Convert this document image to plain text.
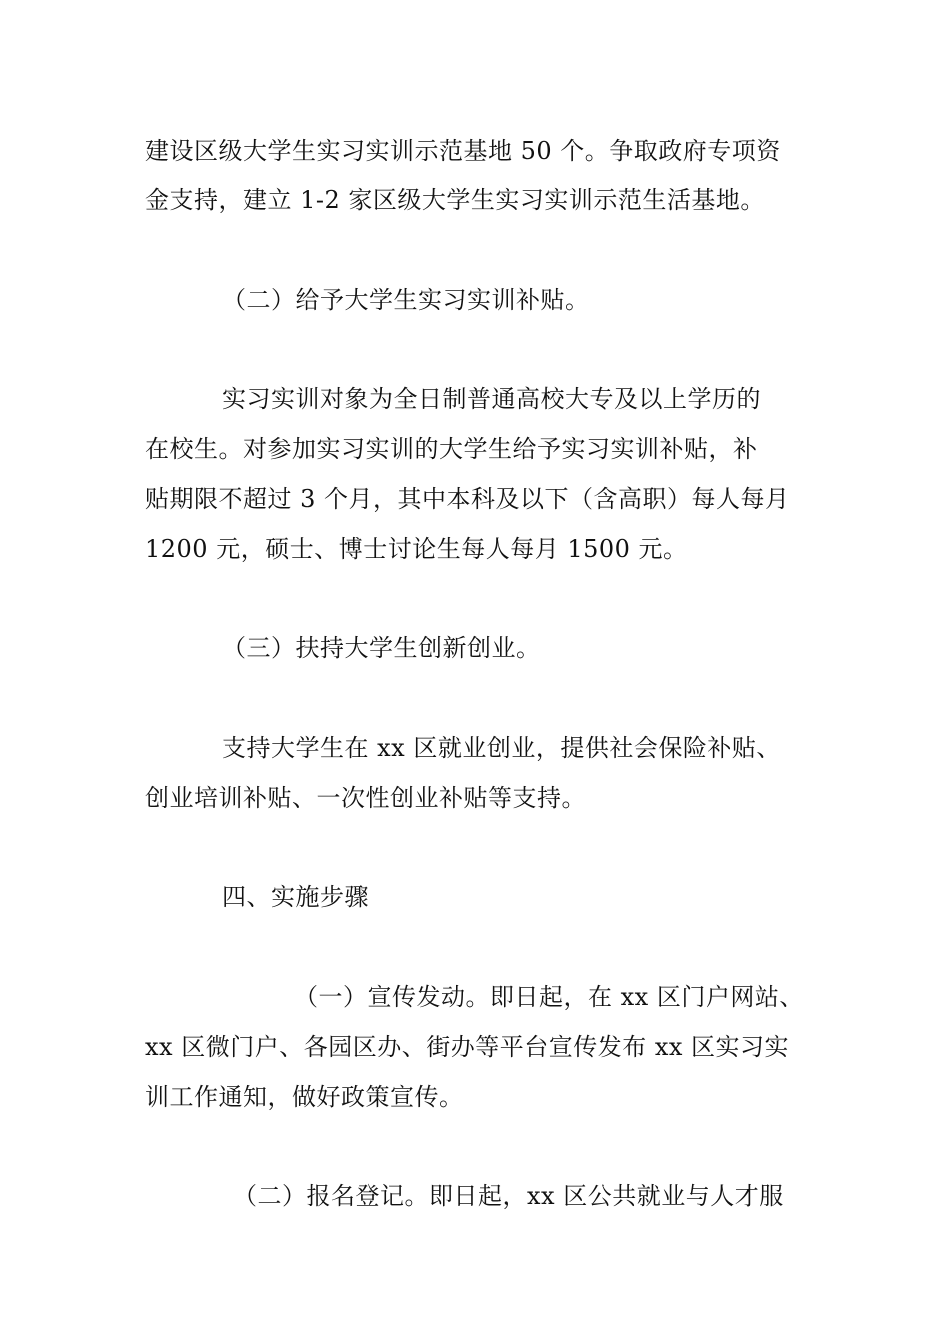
建设区级大学生实习实训示范基地 50 个。争取政府专项资
金支持，建立 1-2 家区级大学生实习实训示范生活基地。
（二）给予大学生实习实训补贴。
实习实训对象为全日制普通高校大专及以上学历的
在校生。对参加实习实训的大学生给予实习实训补贴，补
贴期限不超过 3 个月，其中本科及以下（含高职）每人每月
1200 元，硕士、博士讨论生每人每月 1500 元。
（三）扶持大学生创新创业。
支持大学生在 xx 区就业创业，提供社会保险补贴、
创业培训补贴、一次性创业补贴等支持。
四、实施步骤
（一）宣传发动。即日起，在 xx 区门户网站、
xx 区微门户、各园区办、街办等平台宣传发布 xx 区实习实
训工作通知，做好政策宣传。
（二）报名登记。即日起，xx 区公共就业与人才服
